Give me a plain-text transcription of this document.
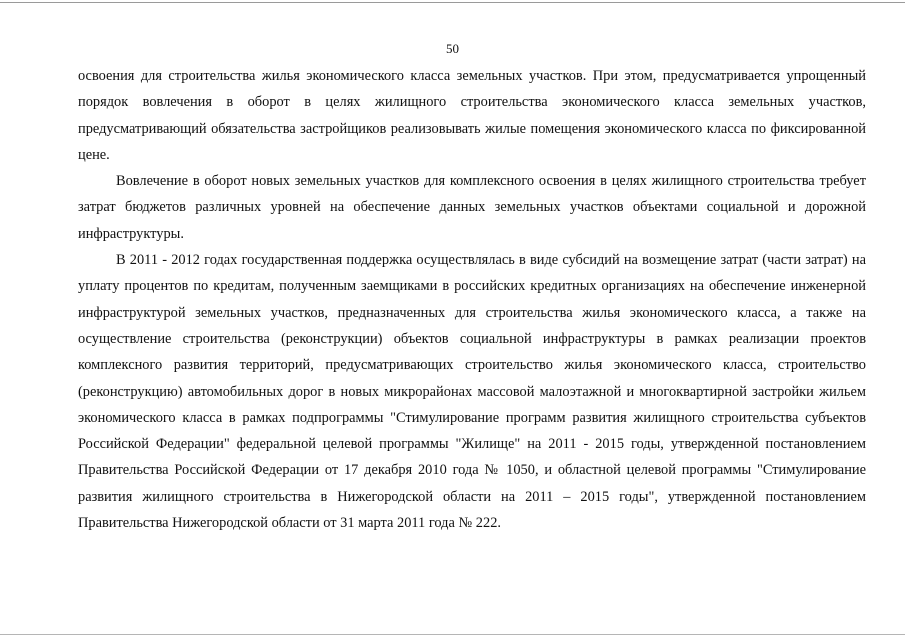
50

освоения для строительства жилья экономического класса земельных участков. При этом, предусматривается упрощенный порядок вовлечения в оборот в целях жилищного строительства экономического класса земельных участков, предусматривающий обязательства застройщиков реализовывать жилые помещения экономического класса по фиксированной цене.

Вовлечение в оборот новых земельных участков для комплексного освоения в целях жилищного строительства требует затрат бюджетов различных уровней на обеспечение данных земельных участков объектами социальной и дорожной инфраструктуры.

В 2011 - 2012 годах государственная поддержка осуществлялась в виде субсидий на возмещение затрат (части затрат) на уплату процентов по кредитам, полученным заемщиками в российских кредитных организациях на обеспечение инженерной инфраструктурой земельных участков, предназначенных для строительства жилья экономического класса, а также на осуществление строительства (реконструкции) объектов социальной инфраструктуры в рамках реализации проектов комплексного развития территорий, предусматривающих строительство жилья экономического класса, строительство (реконструкцию) автомобильных дорог в новых микрорайонах массовой малоэтажной и многоквартирной застройки жильем экономического класса в рамках подпрограммы "Стимулирование программ развития жилищного строительства субъектов Российской Федерации" федеральной целевой программы "Жилище" на 2011 - 2015 годы, утвержденной постановлением Правительства Российской Федерации от 17 декабря 2010 года № 1050, и областной целевой программы "Стимулирование развития жилищного строительства в Нижегородской области на 2011 – 2015 годы", утвержденной постановлением Правительства Нижегородской области от 31 марта 2011 года № 222.
